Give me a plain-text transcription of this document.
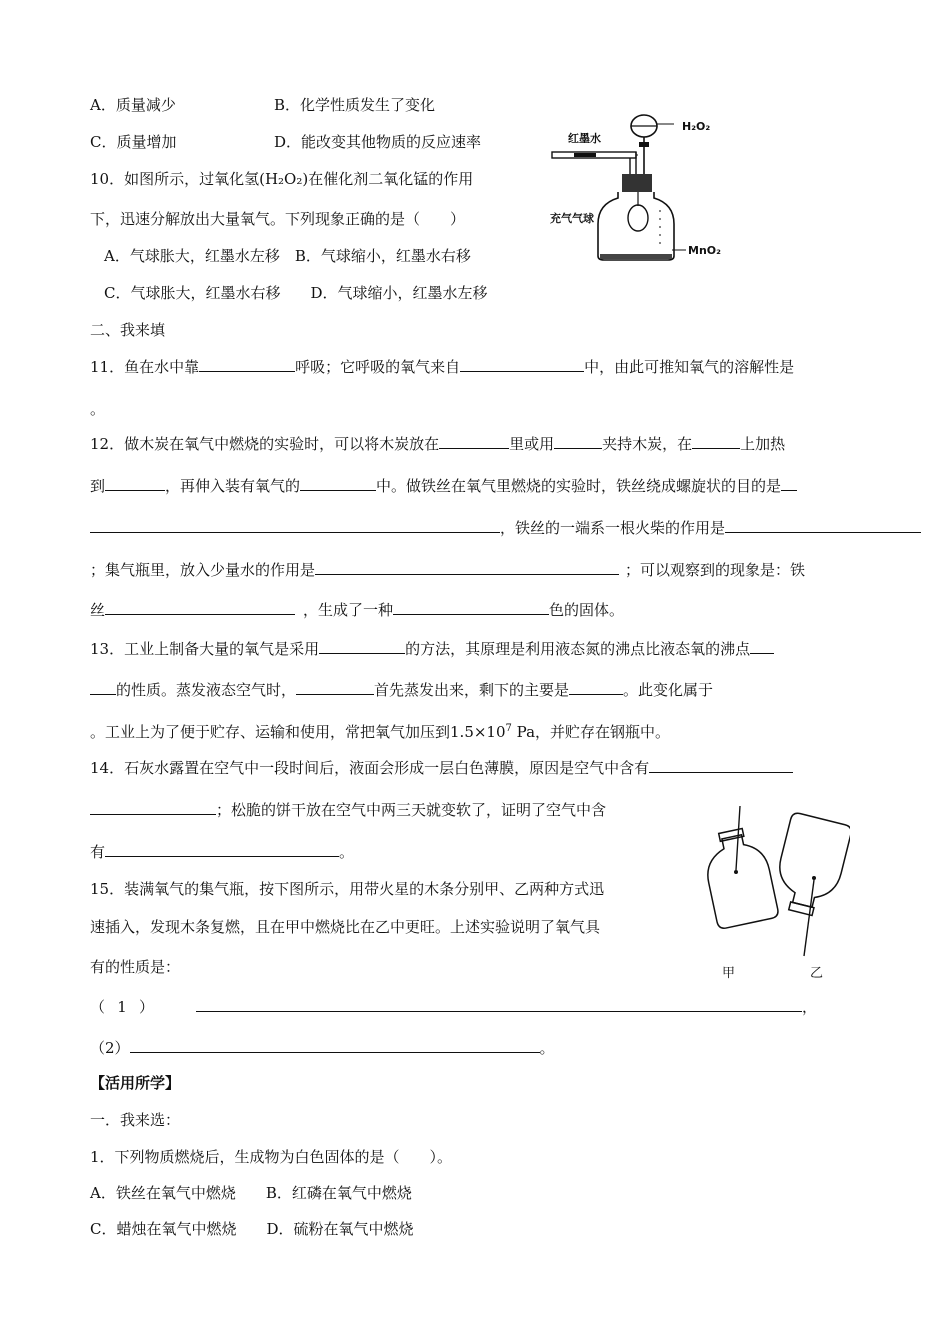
A．质量减少	B．化学性质发生了变化
C．质量增加	D．能改变其他物质的反应速率
10．如图所示，过氧化氢(H₂O₂)在催化剂二氧化锰的作用
下，迅速分解放出大量氧气。下列现象正确的是（　　）
A．气球胀大，红墨水左移　B．气球缩小，红墨水右移
C．气球胀大，红墨水右移　　D．气球缩小，红墨水左移
红墨水
H₂O₂
充气气球
MnO₂
二、我来填
11．鱼在水中靠	呼吸；它呼吸的氧气来自	中，由此可推知氧气的溶解性是
。
12．做木炭在氧气中燃烧的实验时，可以将木炭放在	里或用	夹持木炭，在	上加热
到	，再伸入装有氧气的	中。做铁丝在氧气里燃烧的实验时，铁丝绕成螺旋状的目的是
，铁丝的一端系一根火柴的作用是
；集气瓶里，放入少量水的作用是	；可以观察到的现象是：铁
丝	，生成了一种	色的固体。
13．工业上制备大量的氧气是采用	的方法，其原理是利用液态氮的沸点比液态氧的沸点
的性质。蒸发液态空气时，	首先蒸发出来，剩下的主要是	。此变化属于
。工业上为了便于贮存、运输和使用，常把氧气加压到$1.5\times 10^7$ Pa，并贮存在钢瓶中。
14．石灰水露置在空气中一段时间后，液面会形成一层白色薄膜，原因是空气中含有
；松脆的饼干放在空气中两三天就变软了，证明了空气中含
有	。
15．装满氧气的集气瓶，按下图所示，用带火星的木条分别甲、乙两种方式迅
速插入，发现木条复燃，且在甲中燃烧比在乙中更旺。上述实验说明了氧气具
有的性质是：
（ 1 ）	，
（2）	。
甲	乙
【活用所学】
一．我来选：
1．下列物质燃烧后，生成物为白色固体的是（　　）。
A．铁丝在氧气中燃烧　　B．红磷在氧气中燃烧
C．蜡烛在氧气中燃烧　　D．硫粉在氧气中燃烧
